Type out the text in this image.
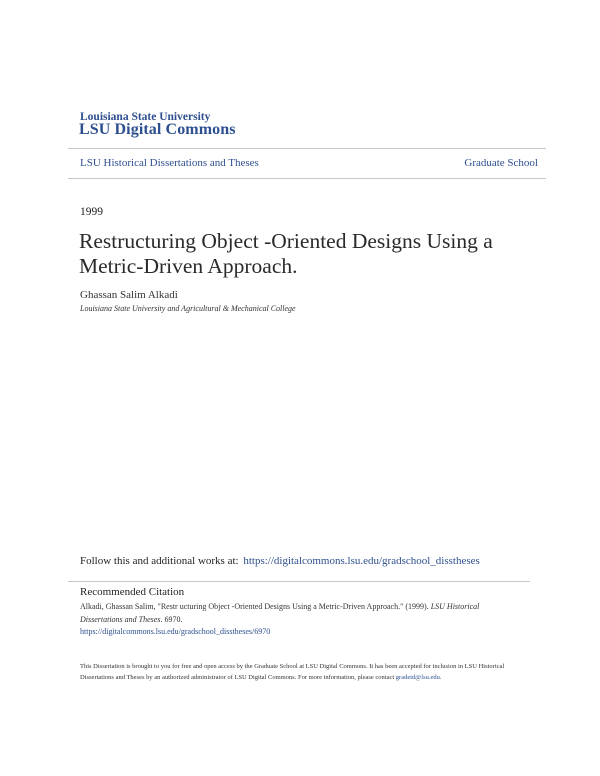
Louisiana State University
LSU Digital Commons
LSU Historical Dissertations and Theses	Graduate School
1999
Restructuring Object -Oriented Designs Using a Metric-Driven Approach.
Ghassan Salim Alkadi
Louisiana State University and Agricultural & Mechanical College
Follow this and additional works at: https://digitalcommons.lsu.edu/gradschool_disstheses
Recommended Citation
Alkadi, Ghassan Salim, "Restr ucturing Object -Oriented Designs Using a Metric-Driven Approach." (1999). LSU Historical Dissertations and Theses. 6970.
https://digitalcommons.lsu.edu/gradschool_disstheses/6970
This Dissertation is brought to you for free and open access by the Graduate School at LSU Digital Commons. It has been accepted for inclusion in LSU Historical Dissertations and Theses by an authorized administrator of LSU Digital Commons. For more information, please contact gradetd@lsu.edu.
